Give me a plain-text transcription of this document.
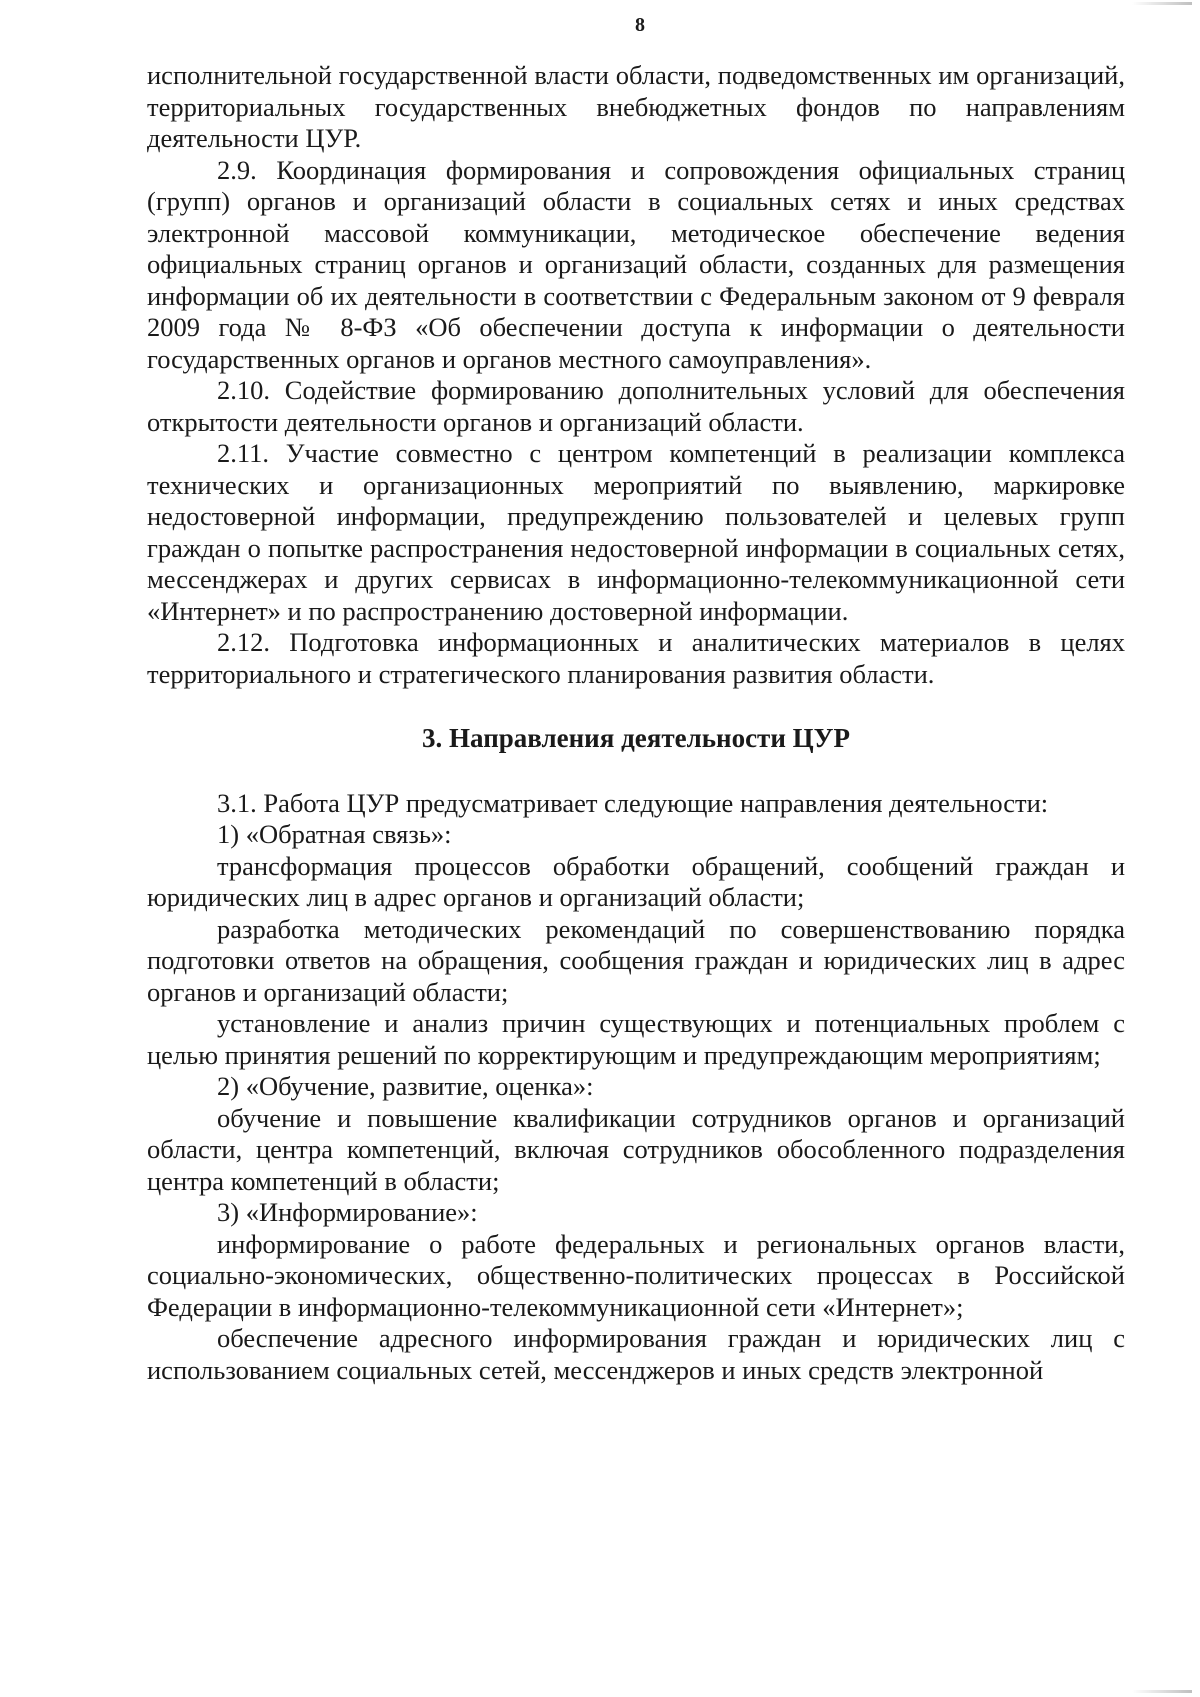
8

исполнительной государственной власти области, подведомственных им организаций, территориальных государственных внебюджетных фондов по направлениям деятельности ЦУР.

2.9. Координация формирования и сопровождения официальных страниц (групп) органов и организаций области в социальных сетях и иных средствах электронной массовой коммуникации, методическое обеспечение ведения официальных страниц органов и организаций области, созданных для размещения информации об их деятельности в соответствии с Федеральным законом от 9 февраля 2009 года № 8-ФЗ «Об обеспечении доступа к информации о деятельности государственных органов и органов местного самоуправления».

2.10. Содействие формированию дополнительных условий для обеспечения открытости деятельности органов и организаций области.

2.11. Участие совместно с центром компетенций в реализации комплекса технических и организационных мероприятий по выявлению, маркировке недостоверной информации, предупреждению пользователей и целевых групп граждан о попытке распространения недостоверной информации в социальных сетях, мессенджерах и других сервисах в информационно-телекоммуникационной сети «Интернет» и по распространению достоверной информации.

2.12. Подготовка информационных и аналитических материалов в целях территориального и стратегического планирования развития области.

3. Направления деятельности ЦУР

3.1. Работа ЦУР предусматривает следующие направления деятельности:

1) «Обратная связь»:

трансформация процессов обработки обращений, сообщений граждан и юридических лиц в адрес органов и организаций области;

разработка методических рекомендаций по совершенствованию порядка подготовки ответов на обращения, сообщения граждан и юридических лиц в адрес органов и организаций области;

установление и анализ причин существующих и потенциальных проблем с целью принятия решений по корректирующим и предупреждающим мероприятиям;

2) «Обучение, развитие, оценка»:

обучение и повышение квалификации сотрудников органов и организаций области, центра компетенций, включая сотрудников обособленного подразделения центра компетенций в области;

3) «Информирование»:

информирование о работе федеральных и региональных органов власти, социально-экономических, общественно-политических процессах в Российской Федерации в информационно-телекоммуникационной сети «Интернет»;

обеспечение адресного информирования граждан и юридических лиц с использованием социальных сетей, мессенджеров и иных средств электронной
